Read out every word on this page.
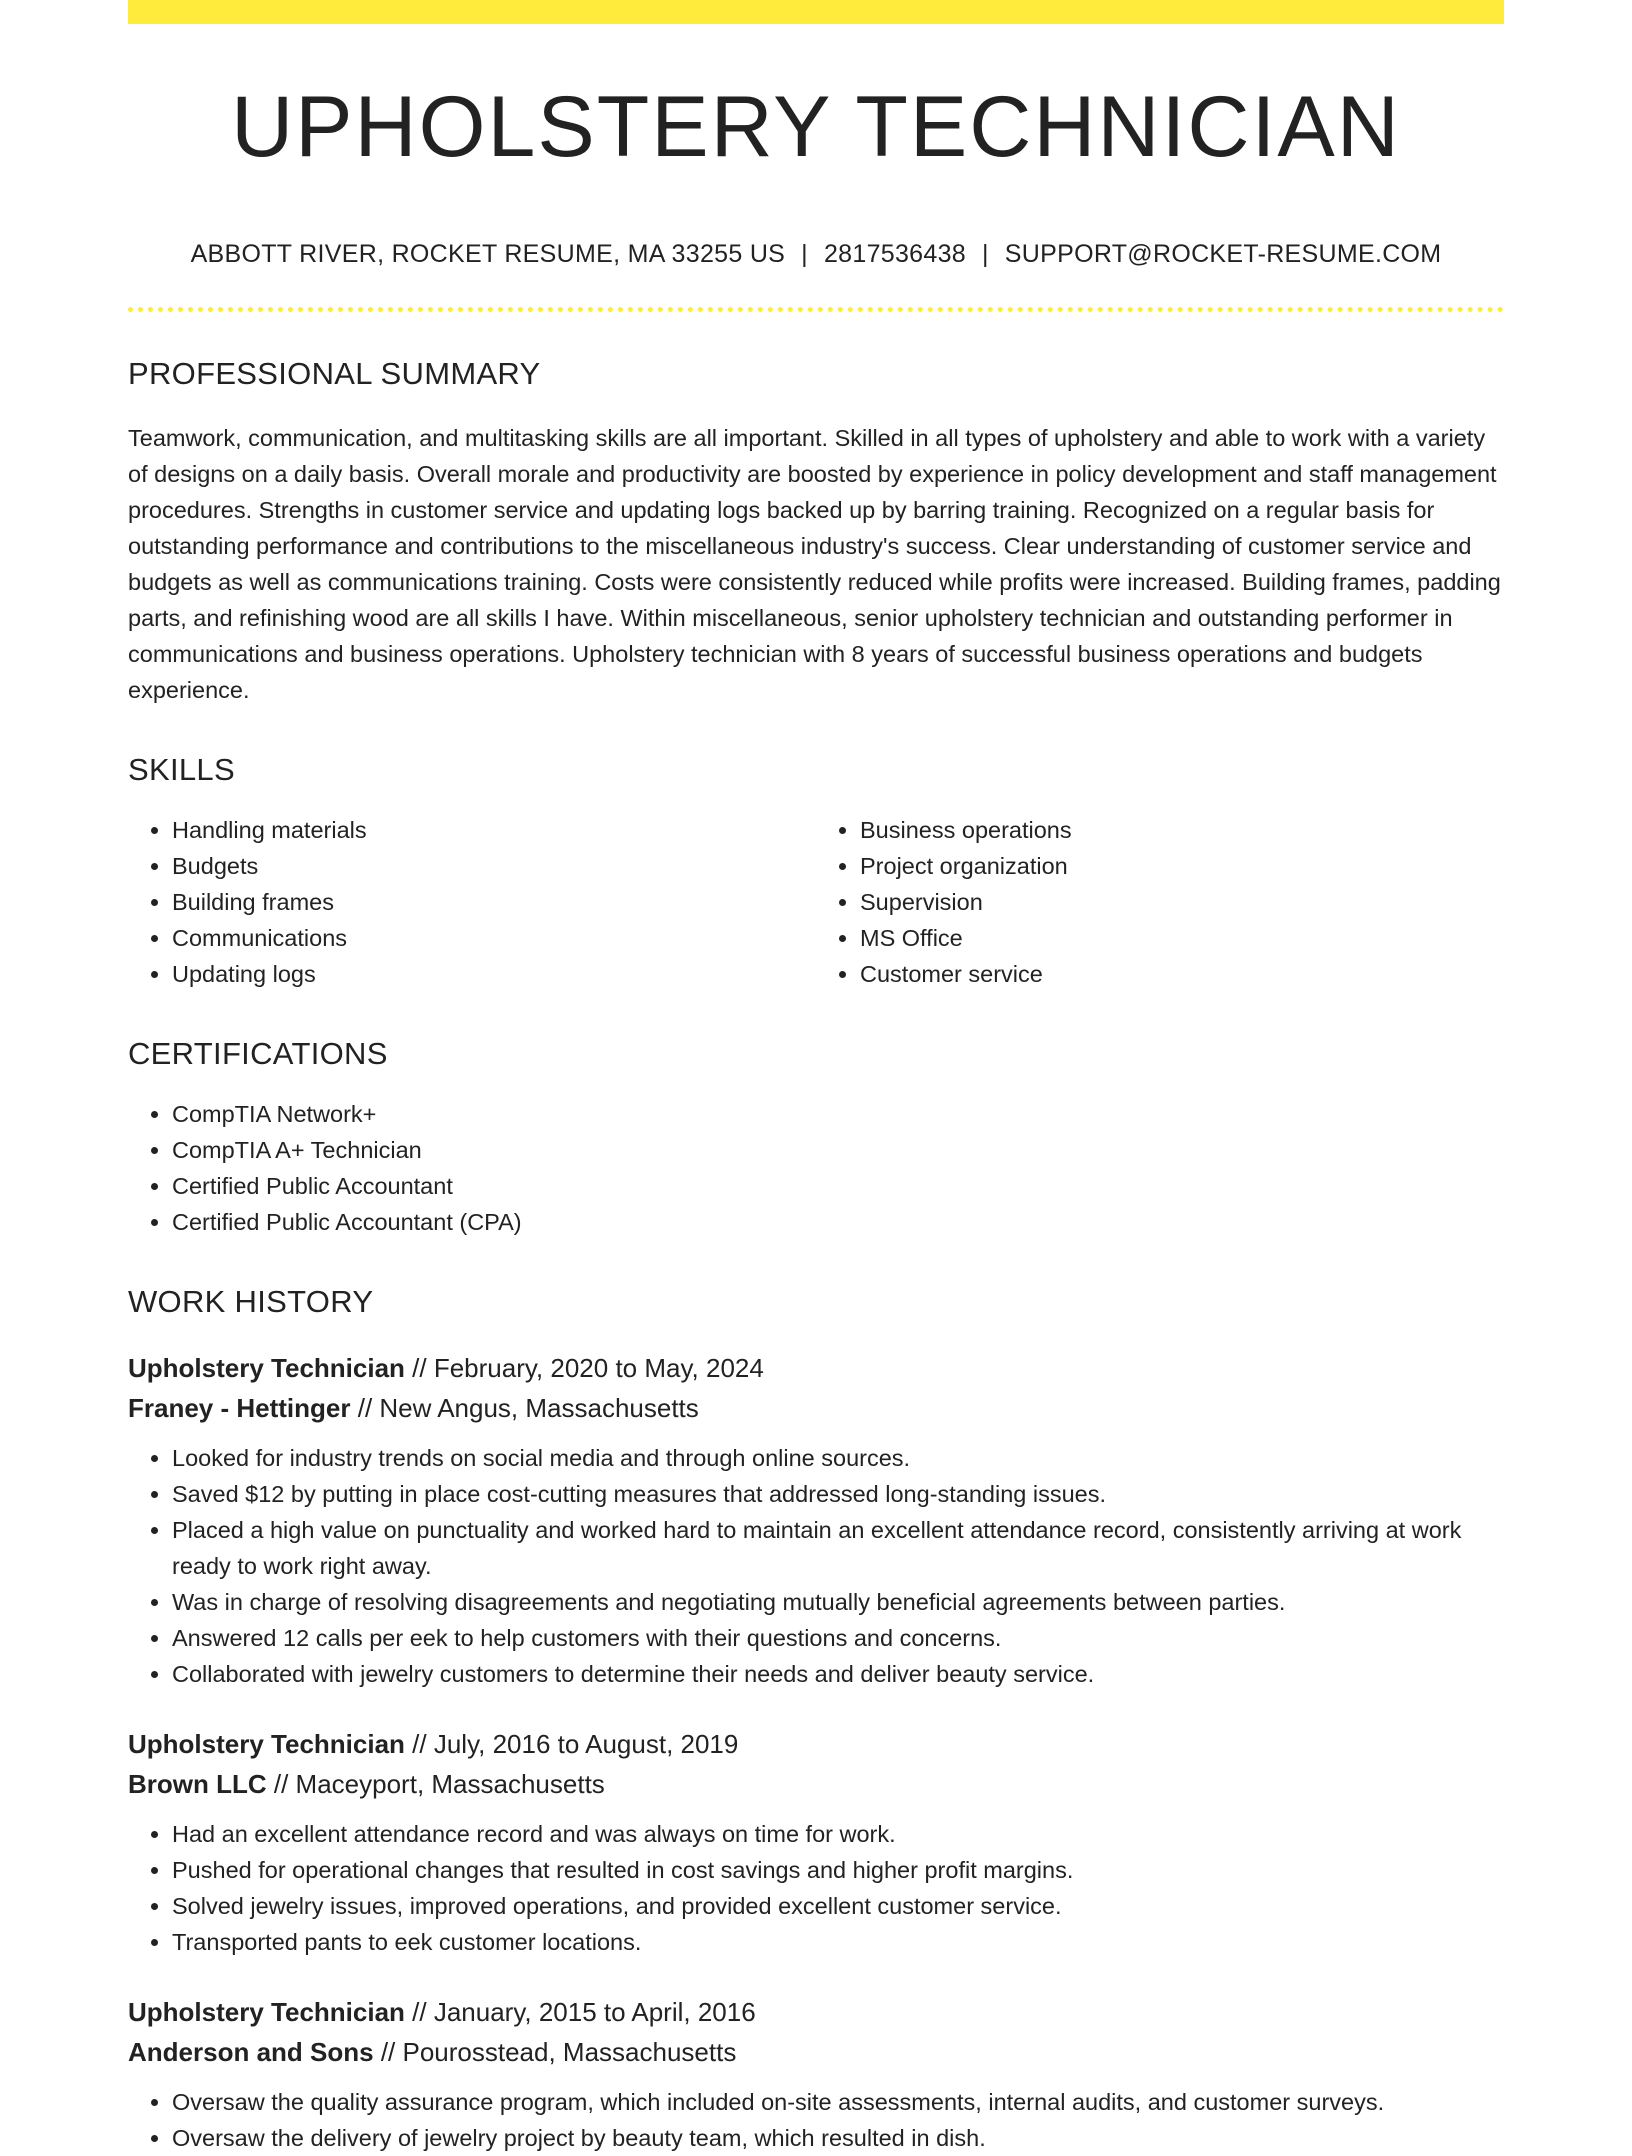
UPHOLSTERY TECHNICIAN
ABBOTT RIVER, ROCKET RESUME, MA 33255 US | 2817536438 | SUPPORT@ROCKET-RESUME.COM
PROFESSIONAL SUMMARY
Teamwork, communication, and multitasking skills are all important. Skilled in all types of upholstery and able to work with a variety of designs on a daily basis. Overall morale and productivity are boosted by experience in policy development and staff management procedures. Strengths in customer service and updating logs backed up by barring training. Recognized on a regular basis for outstanding performance and contributions to the miscellaneous industry's success. Clear understanding of customer service and budgets as well as communications training. Costs were consistently reduced while profits were increased. Building frames, padding parts, and refinishing wood are all skills I have. Within miscellaneous, senior upholstery technician and outstanding performer in communications and business operations. Upholstery technician with 8 years of successful business operations and budgets experience.
SKILLS
• Handling materials
• Budgets
• Building frames
• Communications
• Updating logs
• Business operations
• Project organization
• Supervision
• MS Office
• Customer service
CERTIFICATIONS
• CompTIA Network+
• CompTIA A+ Technician
• Certified Public Accountant
• Certified Public Accountant (CPA)
WORK HISTORY
Upholstery Technician // February, 2020 to May, 2024
Franey - Hettinger // New Angus, Massachusetts
• Looked for industry trends on social media and through online sources.
• Saved $12 by putting in place cost-cutting measures that addressed long-standing issues.
• Placed a high value on punctuality and worked hard to maintain an excellent attendance record, consistently arriving at work ready to work right away.
• Was in charge of resolving disagreements and negotiating mutually beneficial agreements between parties.
• Answered 12 calls per eek to help customers with their questions and concerns.
• Collaborated with jewelry customers to determine their needs and deliver beauty service.
Upholstery Technician // July, 2016 to August, 2019
Brown LLC // Maceyport, Massachusetts
• Had an excellent attendance record and was always on time for work.
• Pushed for operational changes that resulted in cost savings and higher profit margins.
• Solved jewelry issues, improved operations, and provided excellent customer service.
• Transported pants to eek customer locations.
Upholstery Technician // January, 2015 to April, 2016
Anderson and Sons // Pourosstead, Massachusetts
• Oversaw the quality assurance program, which included on-site assessments, internal audits, and customer surveys.
• Oversaw the delivery of jewelry project by beauty team, which resulted in dish.
